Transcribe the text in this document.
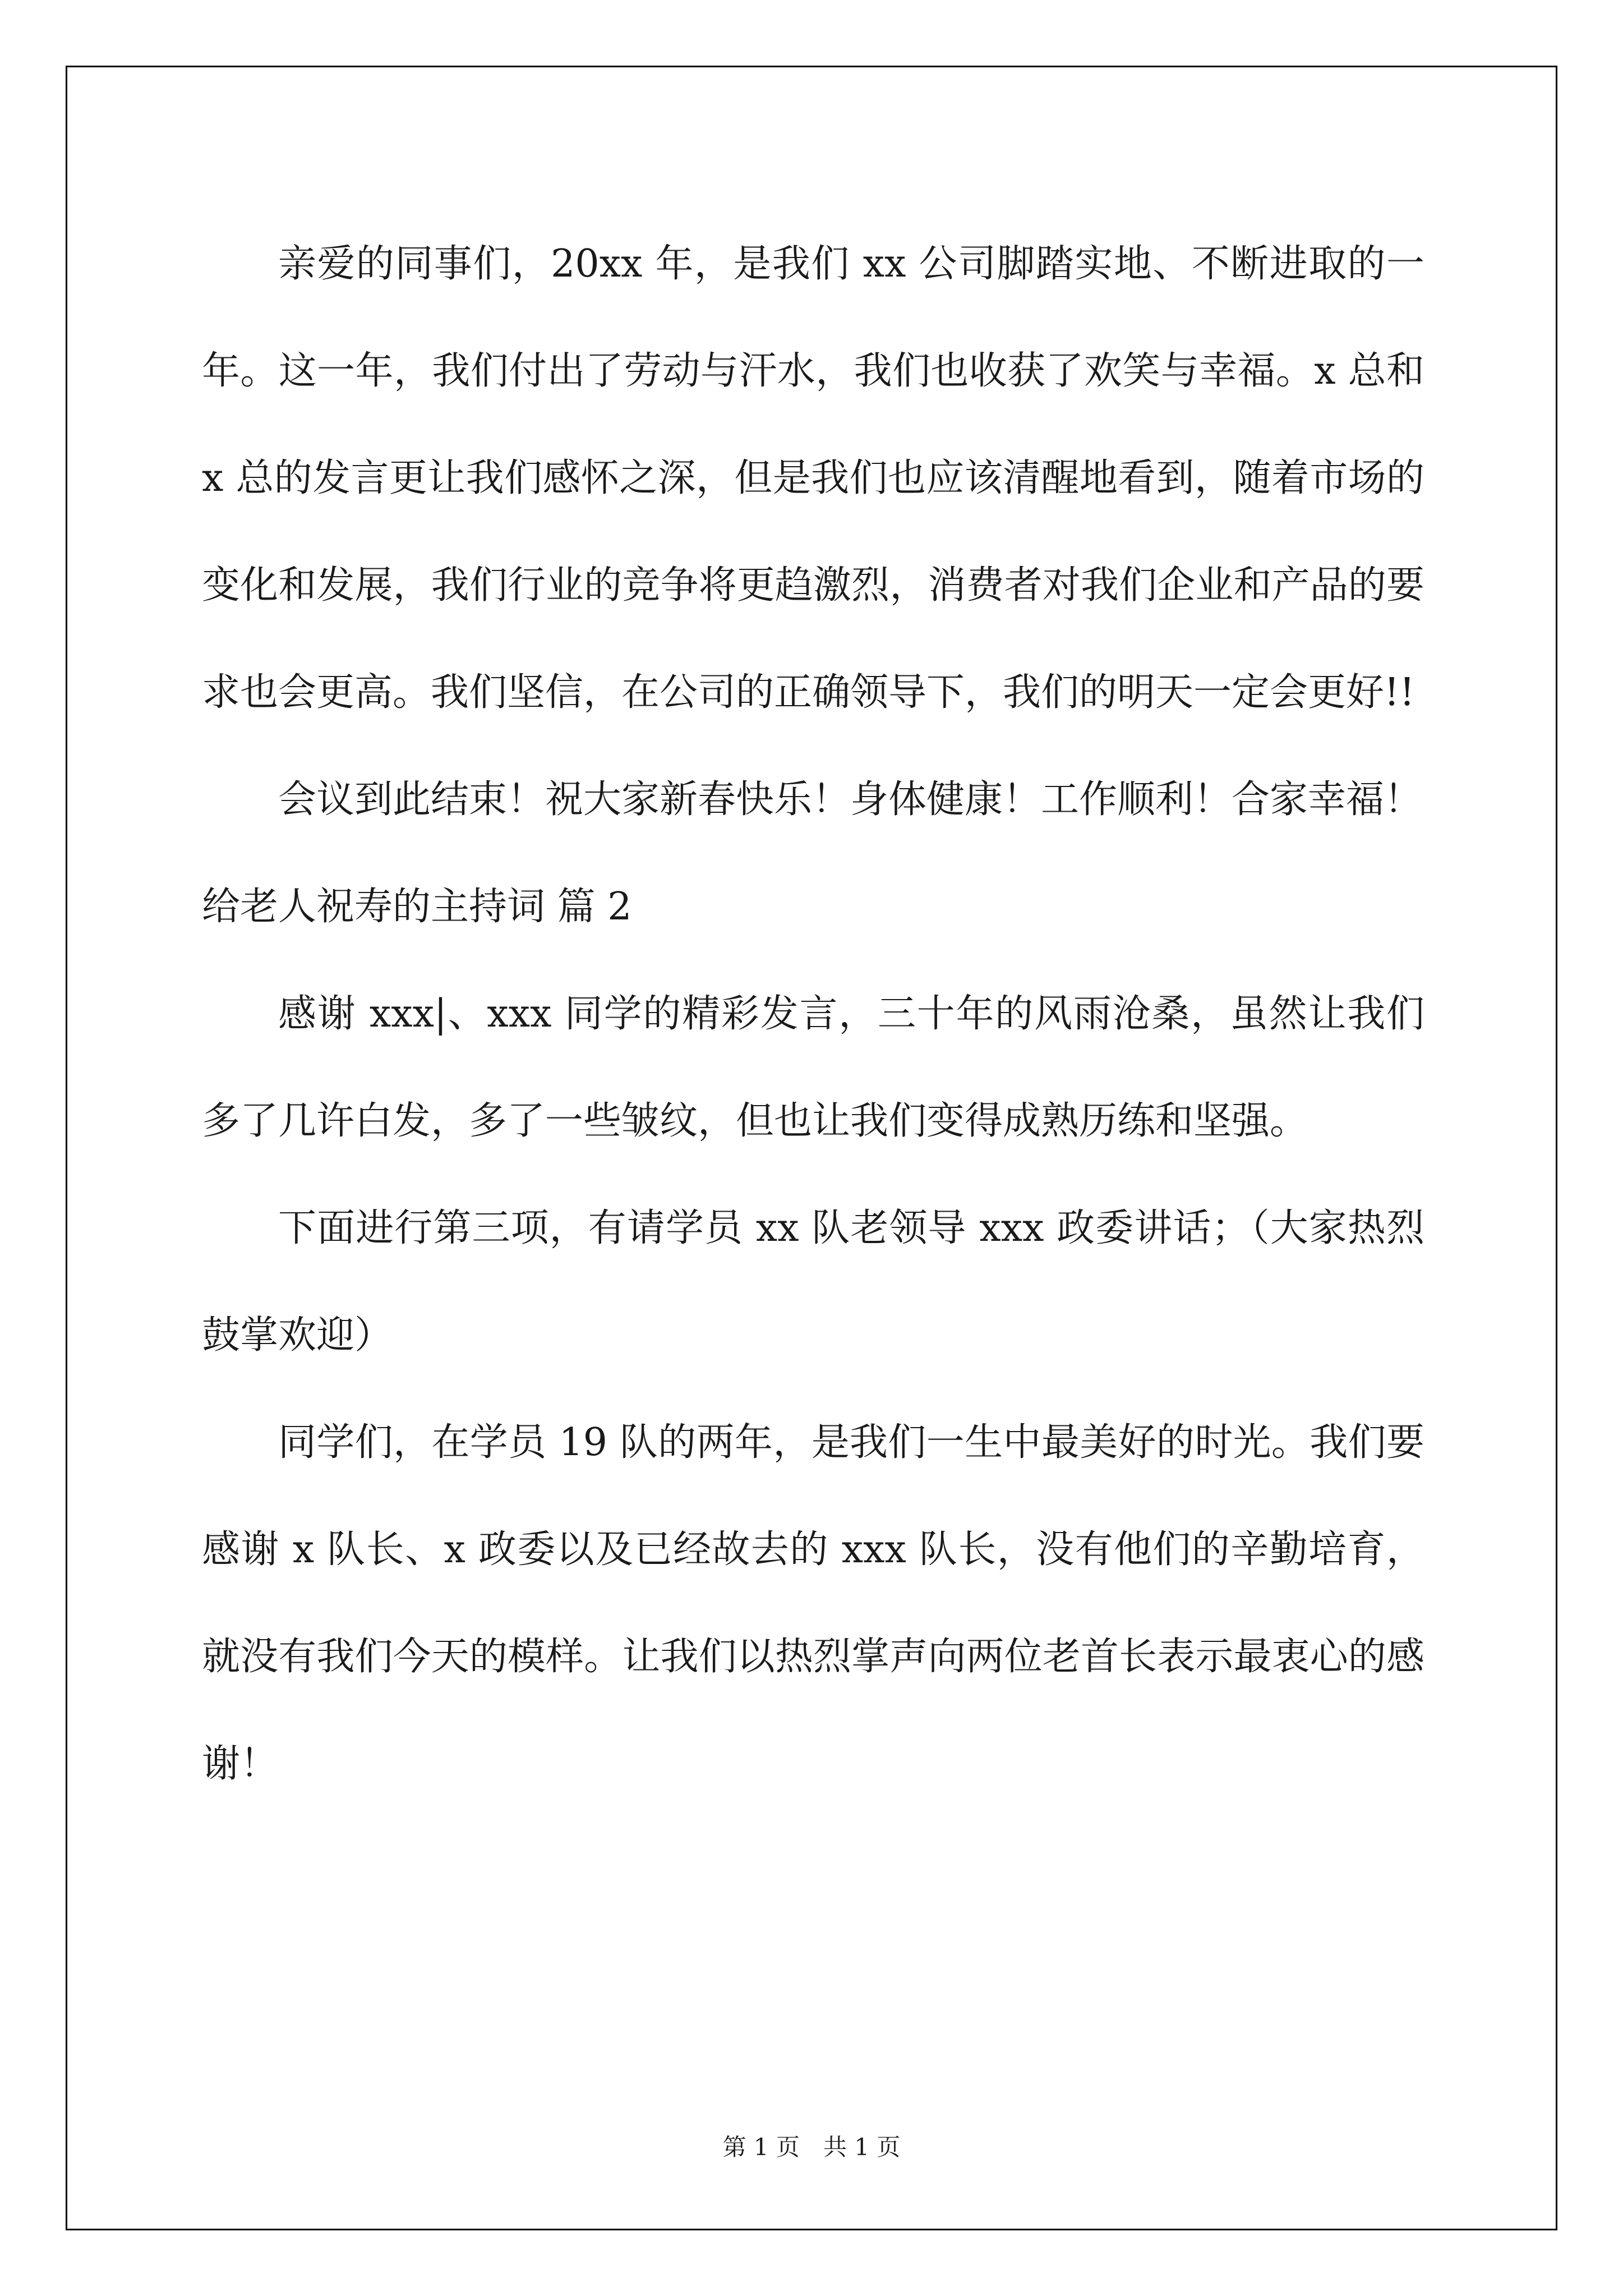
亲爱的同事们，20xx 年，是我们 xx 公司脚踏实地、不断进取的一年。这一年，我们付出了劳动与汗水，我们也收获了欢笑与幸福。x 总和 x 总的发言更让我们感怀之深，但是我们也应该清醒地看到，随着市场的变化和发展，我们行业的竞争将更趋激烈，消费者对我们企业和产品的要求也会更高。我们坚信，在公司的正确领导下，我们的明天一定会更好!!

会议到此结束！祝大家新春快乐！身体健康！工作顺利！合家幸福！

给老人祝寿的主持词 篇 2

感谢 xxx|、xxx 同学的精彩发言，三十年的风雨沧桑，虽然让我们多了几许白发，多了一些皱纹，但也让我们变得成熟历练和坚强。

下面进行第三项，有请学员 xx 队老领导 xxx 政委讲话；（大家热烈鼓掌欢迎）

同学们，在学员 19 队的两年，是我们一生中最美好的时光。我们要感谢 x 队长、x 政委以及已经故去的 xxx 队长，没有他们的辛勤培育，就没有我们今天的模样。让我们以热烈掌声向两位老首长表示最衷心的感谢！

第 1 页　共 1 页
